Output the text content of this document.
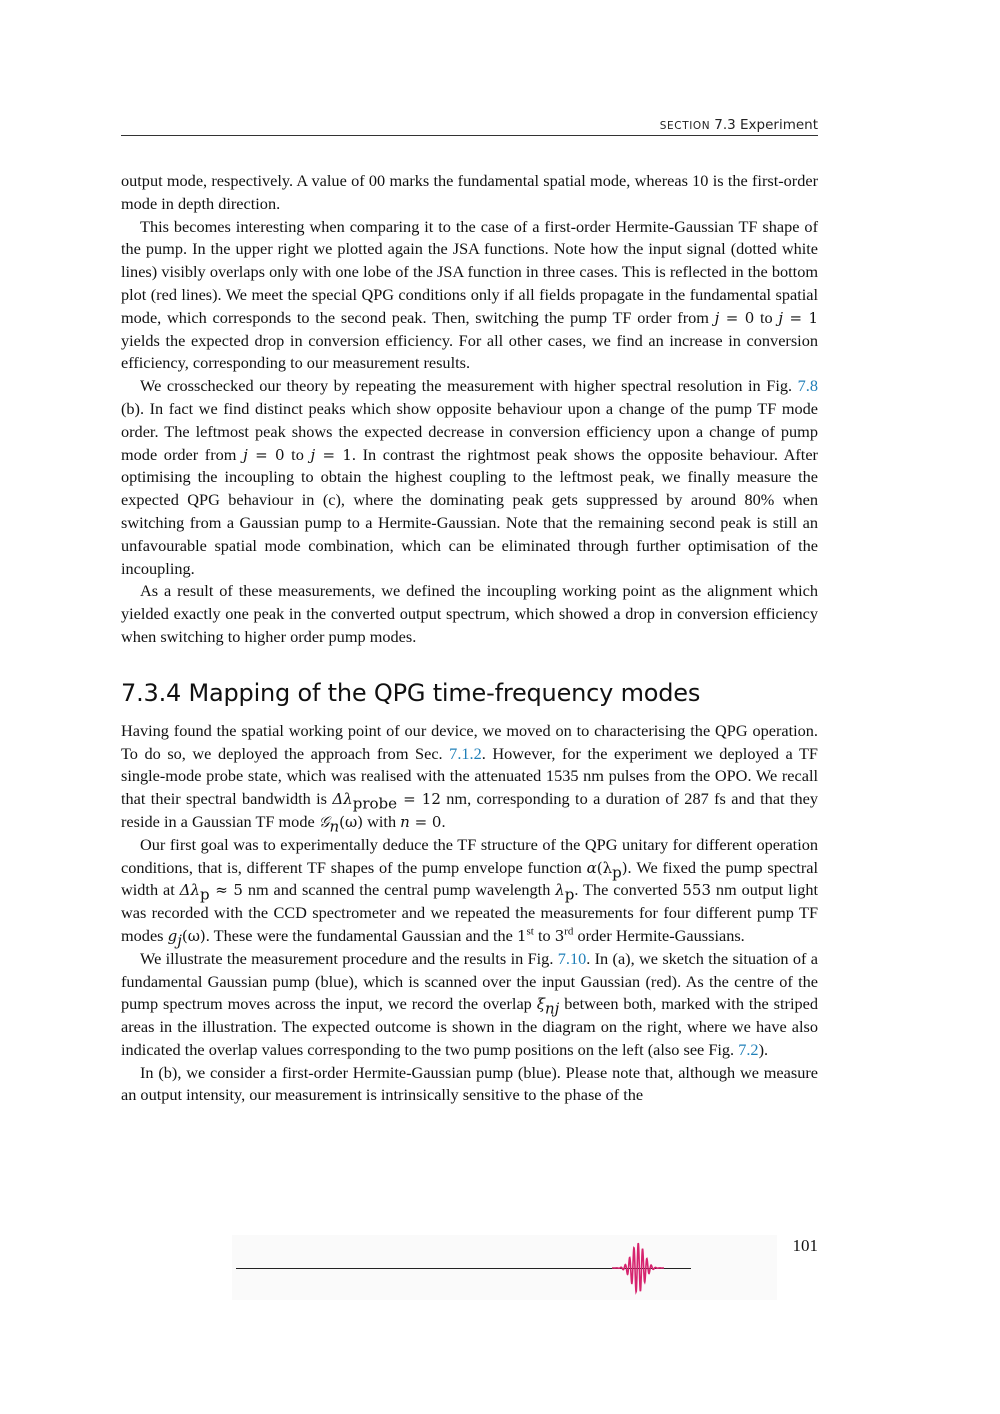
SECTION 7.3 Experiment

output mode, respectively. A value of 00 marks the fundamental spatial mode, whereas 10 is the first-order mode in depth direction.

This becomes interesting when comparing it to the case of a first-order Hermite-Gaussian TF shape of the pump. In the upper right we plotted again the JSA functions. Note how the input signal (dotted white lines) visibly overlaps only with one lobe of the JSA function in three cases. This is reflected in the bottom plot (red lines). We meet the special QPG conditions only if all fields propagate in the fundamental spatial mode, which corresponds to the second peak. Then, switching the pump TF order from j = 0 to j = 1 yields the expected drop in conversion efficiency. For all other cases, we find an increase in conversion efficiency, corresponding to our measurement results.

We crosschecked our theory by repeating the measurement with higher spectral resolution in Fig. 7.8 (b). In fact we find distinct peaks which show opposite behaviour upon a change of the pump TF mode order. The leftmost peak shows the expected decrease in conversion efficiency upon a change of pump mode order from j = 0 to j = 1. In contrast the rightmost peak shows the opposite behaviour. After optimising the incoupling to obtain the highest coupling to the leftmost peak, we finally measure the expected QPG behaviour in (c), where the dominating peak gets suppressed by around 80% when switching from a Gaussian pump to a Hermite-Gaussian. Note that the remaining second peak is still an unfavourable spatial mode combination, which can be eliminated through further optimisation of the incoupling.

As a result of these measurements, we defined the incoupling working point as the alignment which yielded exactly one peak in the converted output spectrum, which showed a drop in conversion efficiency when switching to higher order pump modes.

7.3.4 Mapping of the QPG time-frequency modes

Having found the spatial working point of our device, we moved on to characterising the QPG operation. To do so, we deployed the approach from Sec. 7.1.2. However, for the experiment we deployed a TF single-mode probe state, which was realised with the attenuated 1535 nm pulses from the OPO. We recall that their spectral bandwidth is $\Delta\lambda_{probe} = 12$ nm, corresponding to a duration of 287 fs and that they reside in a Gaussian TF mode 𝒢$_n$(ω) with n = 0.

Our first goal was to experimentally deduce the TF structure of the QPG unitary for different operation conditions, that is, different TF shapes of the pump envelope function $\alpha(\lambda_p)$. We fixed the pump spectral width at $\Delta\lambda_p \approx 5$ nm and scanned the central pump wavelength $\lambda_p$. The converted 553 nm output light was recorded with the CCD spectrometer and we repeated the measurements for four different pump TF modes $g_j(\omega)$. These were the fundamental Gaussian and the 1st to 3rd order Hermite-Gaussians.

We illustrate the measurement procedure and the results in Fig. 7.10. In (a), we sketch the situation of a fundamental Gaussian pump (blue), which is scanned over the input Gaussian (red). As the centre of the pump spectrum moves across the input, we record the overlap $\xi_{nj}$ between both, marked with the striped areas in the illustration. The expected outcome is shown in the diagram on the right, where we have also indicated the overlap values corresponding to the two pump positions on the left (also see Fig. 7.2).

In (b), we consider a first-order Hermite-Gaussian pump (blue). Please note that, although we measure an output intensity, our measurement is intrinsically sensitive to the phase of the

101
